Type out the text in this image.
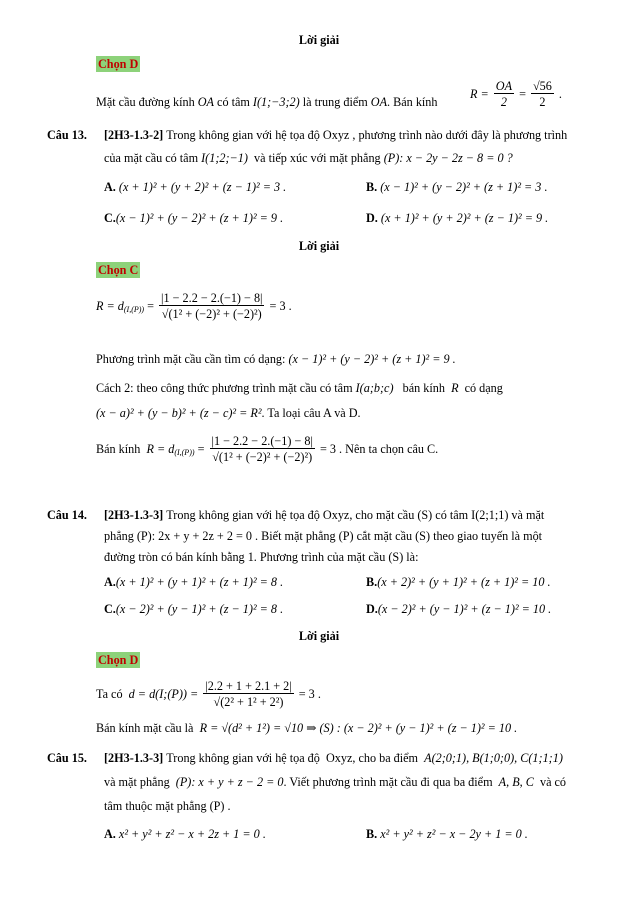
Lời giải
Chọn D
Mặt cầu đường kính OA có tâm I(1;−3;2) là trung điểm OA. Bán kính
$R = \frac{OA}{2} = \frac{√56}{2}$ .
Câu 13. [2H3-1.3-2] Trong không gian với hệ tọa độ Oxyz , phương trình nào dưới đây là phương trình
của mặt cầu có tâm I(1;2;−1) và tiếp xúc với mặt phẳng (P): x − 2y − 2z − 8 = 0 ?
A. (x + 1)² + (y + 2)² + (z − 1)² = 3 .	B. (x − 1)² + (y − 2)² + (z + 1)² = 3 .
C.(x − 1)² + (y − 2)² + (z + 1)² = 9 .	D. (x + 1)² + (y + 2)² + (z − 1)² = 9 .
Lời giải
Chọn C
$R = d_{(I,(P))} = \frac{|1 - 2.2 - 2.(-1) - 8|}{\text{√(1² + (−2)² + (−2)²)}} = 3$ .
Phương trình mặt cầu cần tìm có dạng: (x − 1)² + (y − 2)² + (z + 1)² = 9 .
Cách 2: theo công thức phương trình mặt cầu có tâm I(a;b;c)   bán kính  R có dạng
(x − a)² + (y − b)² + (z − c)² = R². Ta loại câu A và D.
Bán kính $R = d_{(I,(P))} = \frac{|1 - 2.2 - 2.(-1) - 8|}{\text{√(1² + (−2)² + (−2)²)}} = 3$ . Nên ta chọn câu C.
Câu 14. [2H3-1.3-3] Trong không gian với hệ tọa độ Oxyz, cho mặt cầu (S) có tâm I(2;1;1) và mặt
phẳng (P): 2x + y + 2z + 2 = 0 . Biết mặt phẳng (P) cắt mặt cầu (S) theo giao tuyến là một
đường tròn có bán kính bằng 1. Phương trình của mặt cầu (S) là:
A.(x + 1)² + (y + 1)² + (z + 1)² = 8 .	B.(x + 2)² + (y + 1)² + (z + 1)² = 10 .
C.(x − 2)² + (y − 1)² + (z − 1)² = 8 .	D.(x − 2)² + (y − 1)² + (z − 1)² = 10 .
Lời giải
Chọn D
Ta có d = d(I;(P)) = $\frac{|2.2 + 1 + 2.1 + 2|}{\text{√(2² + 1² + 2²)}} = 3$ .
Bán kính mặt cầu là R = √(d² + 1²) = √10 ⇒ (S) : (x − 2)² + (y − 1)² + (z − 1)² = 10 .
Câu 15. [2H3-1.3-3] Trong không gian với hệ tọa độ Oxyz, cho ba điểm A(2;0;1), B(1;0;0), C(1;1;1)
và mặt phẳng (P): x + y + z − 2 = 0. Viết phương trình mặt cầu đi qua ba điểm A, B, C và có
tâm thuộc mặt phẳng (P) .
A. x² + y² + z² − x + 2z + 1 = 0 .	B. x² + y² + z² − x − 2y + 1 = 0 .
